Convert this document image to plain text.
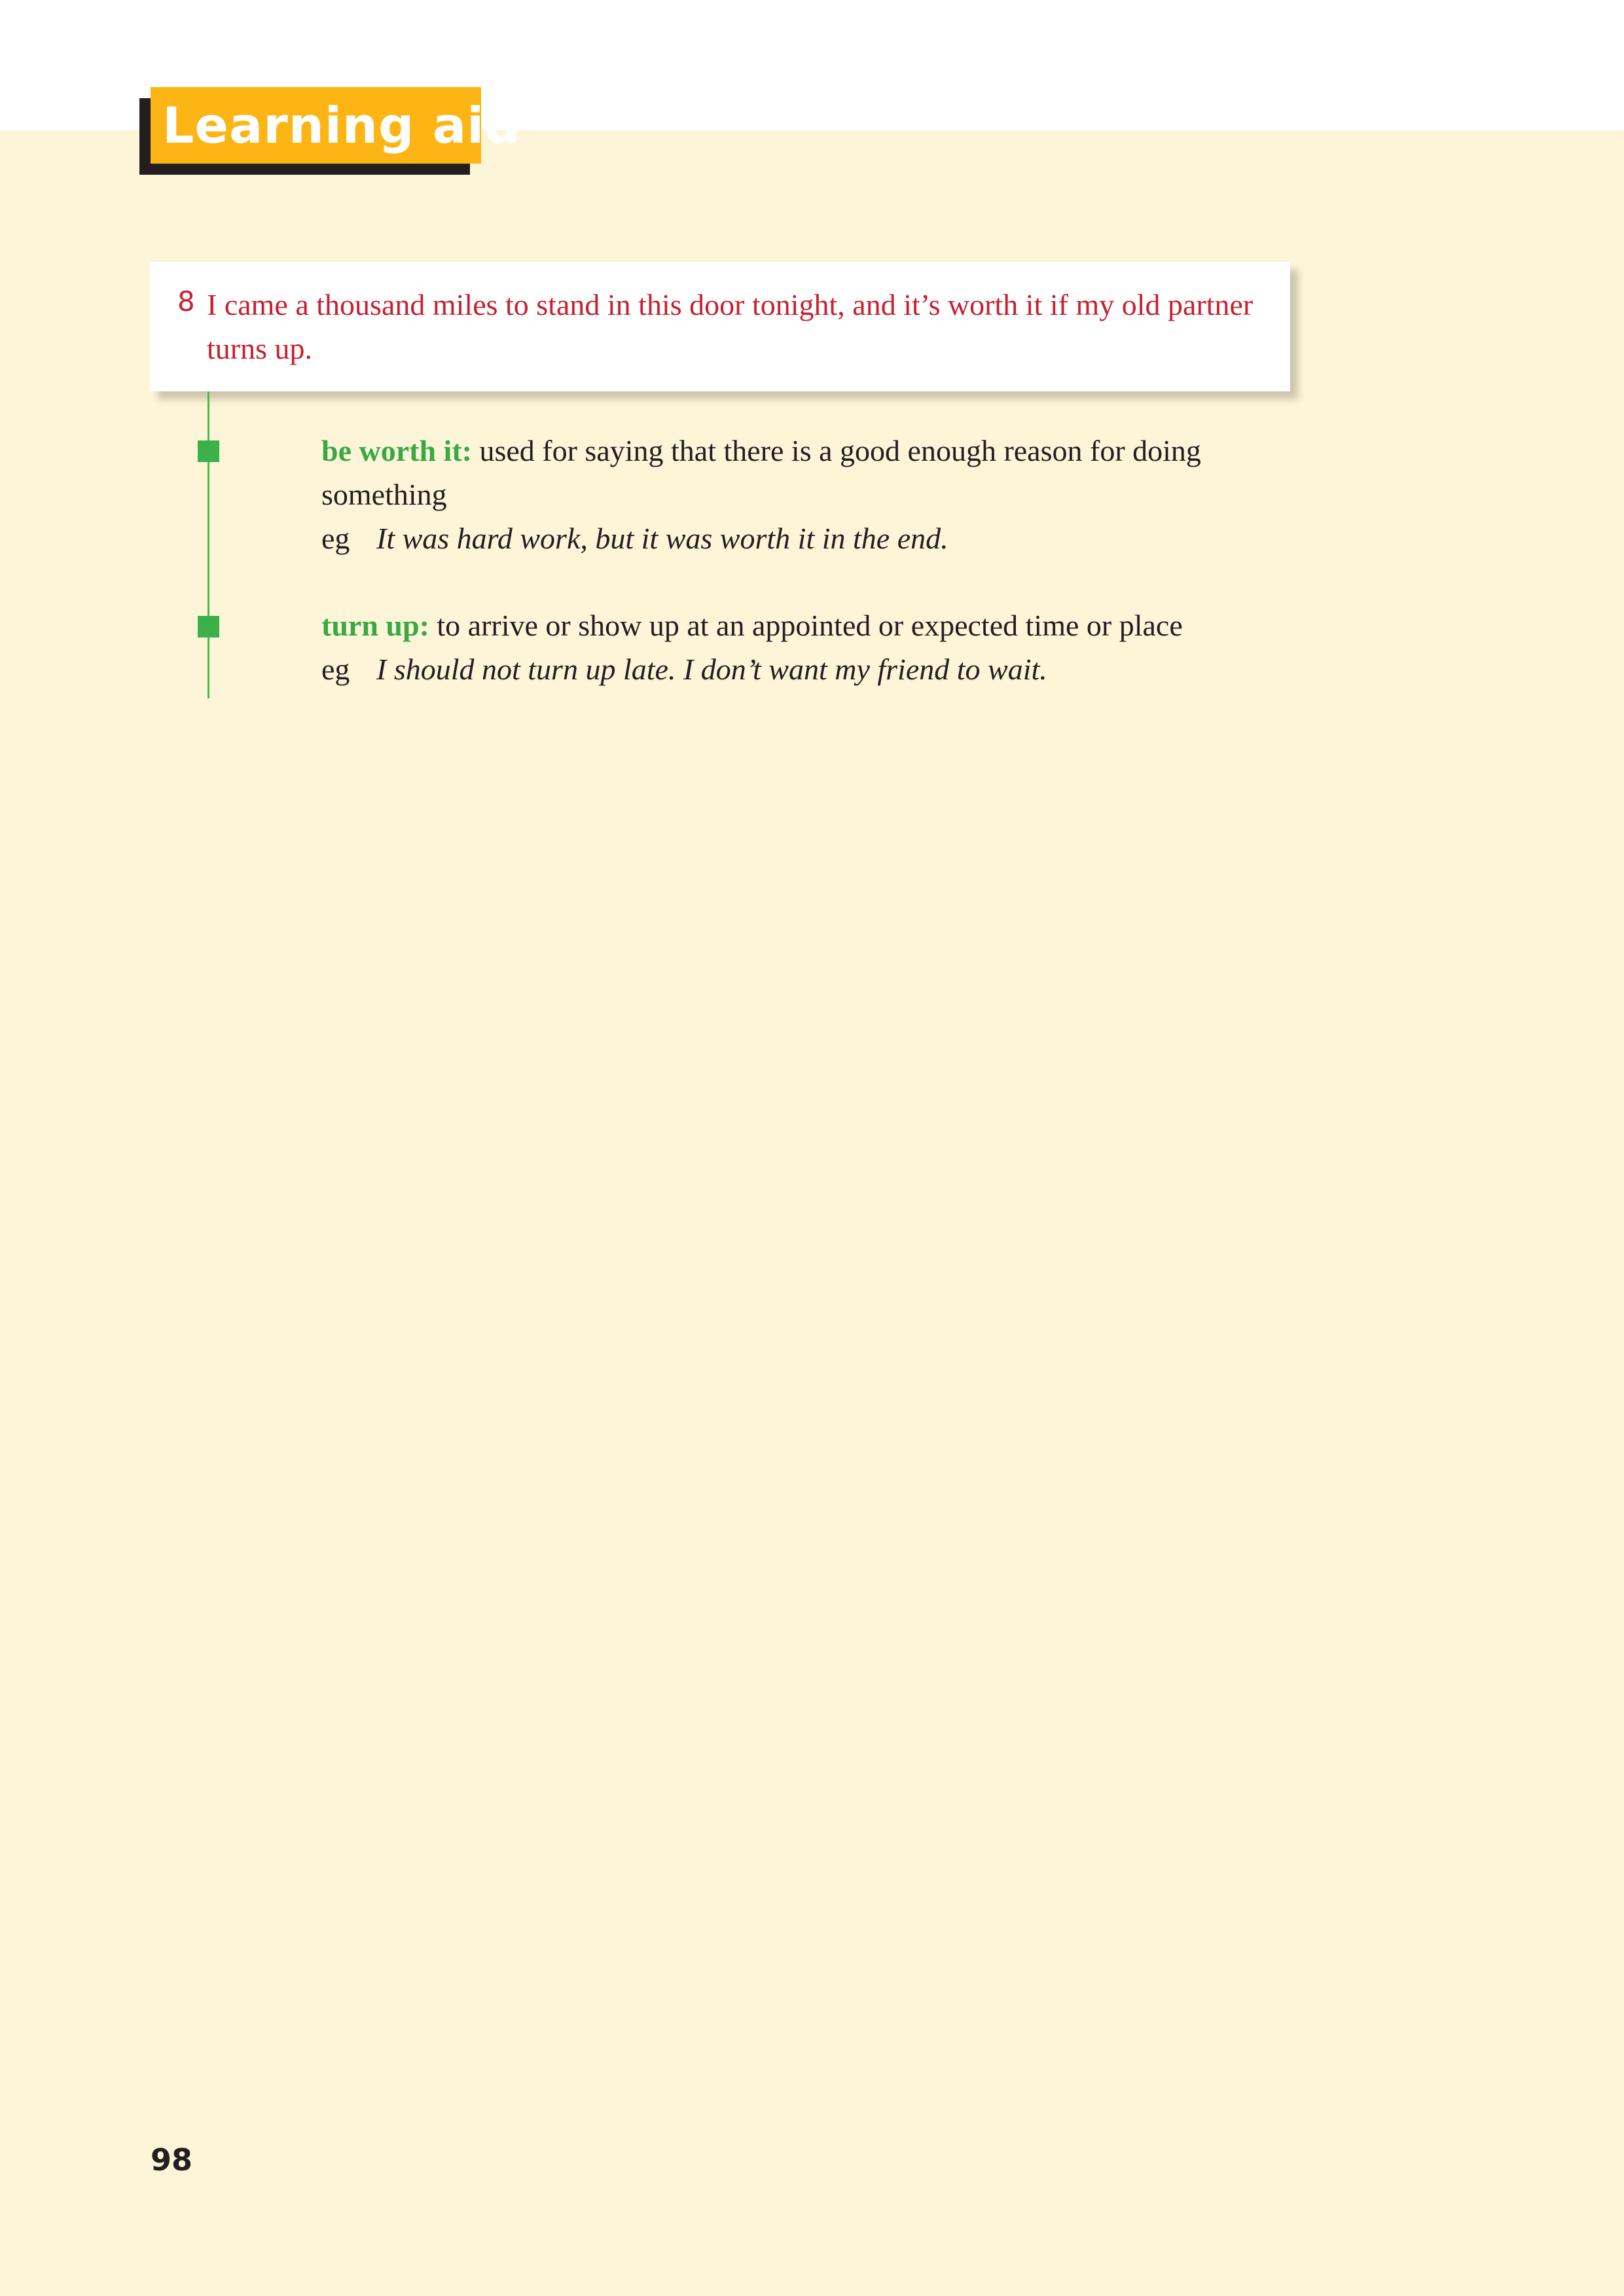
Learning aid
8 I came a thousand miles to stand in this door tonight, and it’s worth it if my old partner turns up.
be worth it: used for saying that there is a good enough reason for doing something
eg It was hard work, but it was worth it in the end.
turn up: to arrive or show up at an appointed or expected time or place
eg I should not turn up late. I don’t want my friend to wait.
98
